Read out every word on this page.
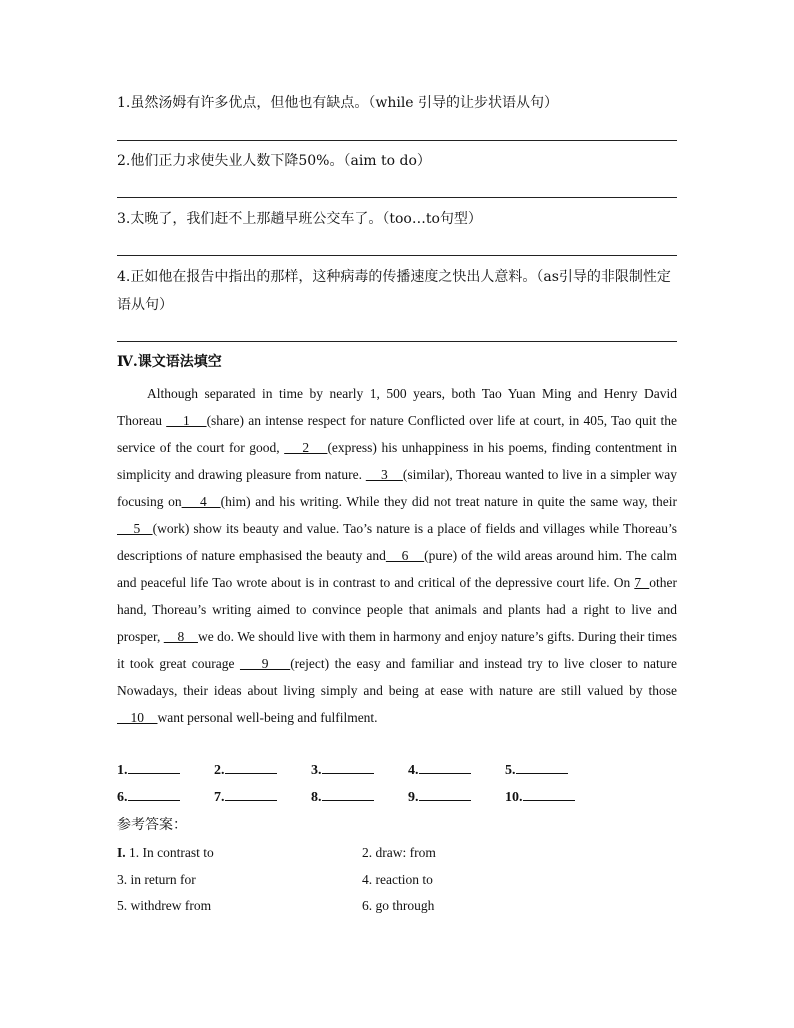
1.虽然汤姆有许多优点，但他也有缺点。（while 引导的让步状语从句）
2.他们正力求使失业人数下降50%。（aim to do）
3.太晚了，我们赶不上那趟早班公交车了。（too…to句型）
4.正如他在报告中指出的那样，这种病毒的传播速度之快出人意料。（as引导的非限制性定语从句）
Ⅳ.课文语法填空
Although separated in time by nearly 1, 500 years, both Tao Yuan Ming and Henry David Thoreau     1    (share) an intense respect for nature Conflicted over life at court, in 405, Tao quit the service of the court for good,     2    (express) his unhappiness in his poems, finding contentment in simplicity and drawing pleasure from nature.     3    (similar), Thoreau wanted to live in a simpler way focusing on    4   (him) and his writing. While they did not treat nature in quite the same way, their     5   (work) show its beauty and value. Tao’s nature is a place of fields and villages while Thoreau’s descriptions of nature emphasised the beauty and    6    (pure) of the wild areas around him. The calm and peaceful life Tao wrote about is in contrast to and critical of the depressive court life. On 7  other hand, Thoreau’s writing aimed to convince people that animals and plants had a right to live and prosper,     8    we do. We should live with them in harmony and enjoy nature’s gifts. During their times it took great courage     9    (reject) the easy and familiar and instead try to live closer to nature Nowadays, their ideas about living simply and being at ease with nature are still valued by those     10    want personal well-being and fulfilment.
1.	2.	3.	4.	5.
6.	7.	8.	9.	10.
参考答案：
I. 1. In contrast to	2. draw: from
3. in return for	4. reaction to
5. withdrew from	6. go through
